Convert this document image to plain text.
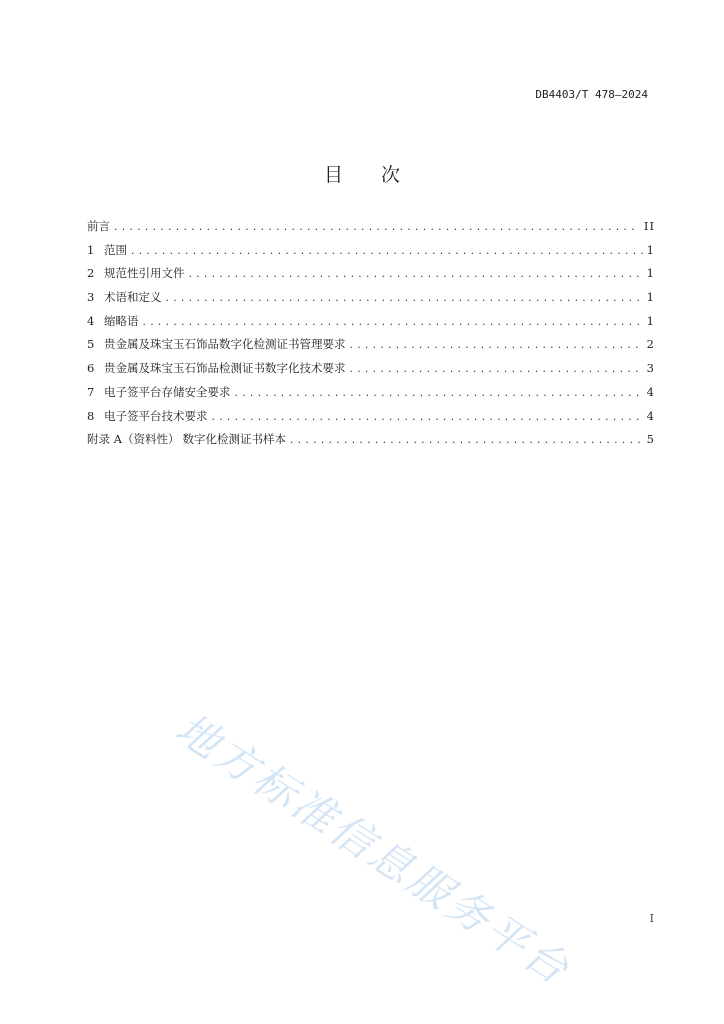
DB4403/T 478—2024
目次
前言 .....	II
1 范围 .....	1
2 规范性引用文件 .....	1
3 术语和定义 .....	1
4 缩略语 .....	1
5 贵金属及珠宝玉石饰品数字化检测证书管理要求 .....	2
6 贵金属及珠宝玉石饰品检测证书数字化技术要求 .....	3
7 电子签平台存储安全要求 .....	4
8 电子签平台技术要求 .....	4
附录 A（资料性） 数字化检测证书样本 .....	5
地方标准信息服务平台	I
